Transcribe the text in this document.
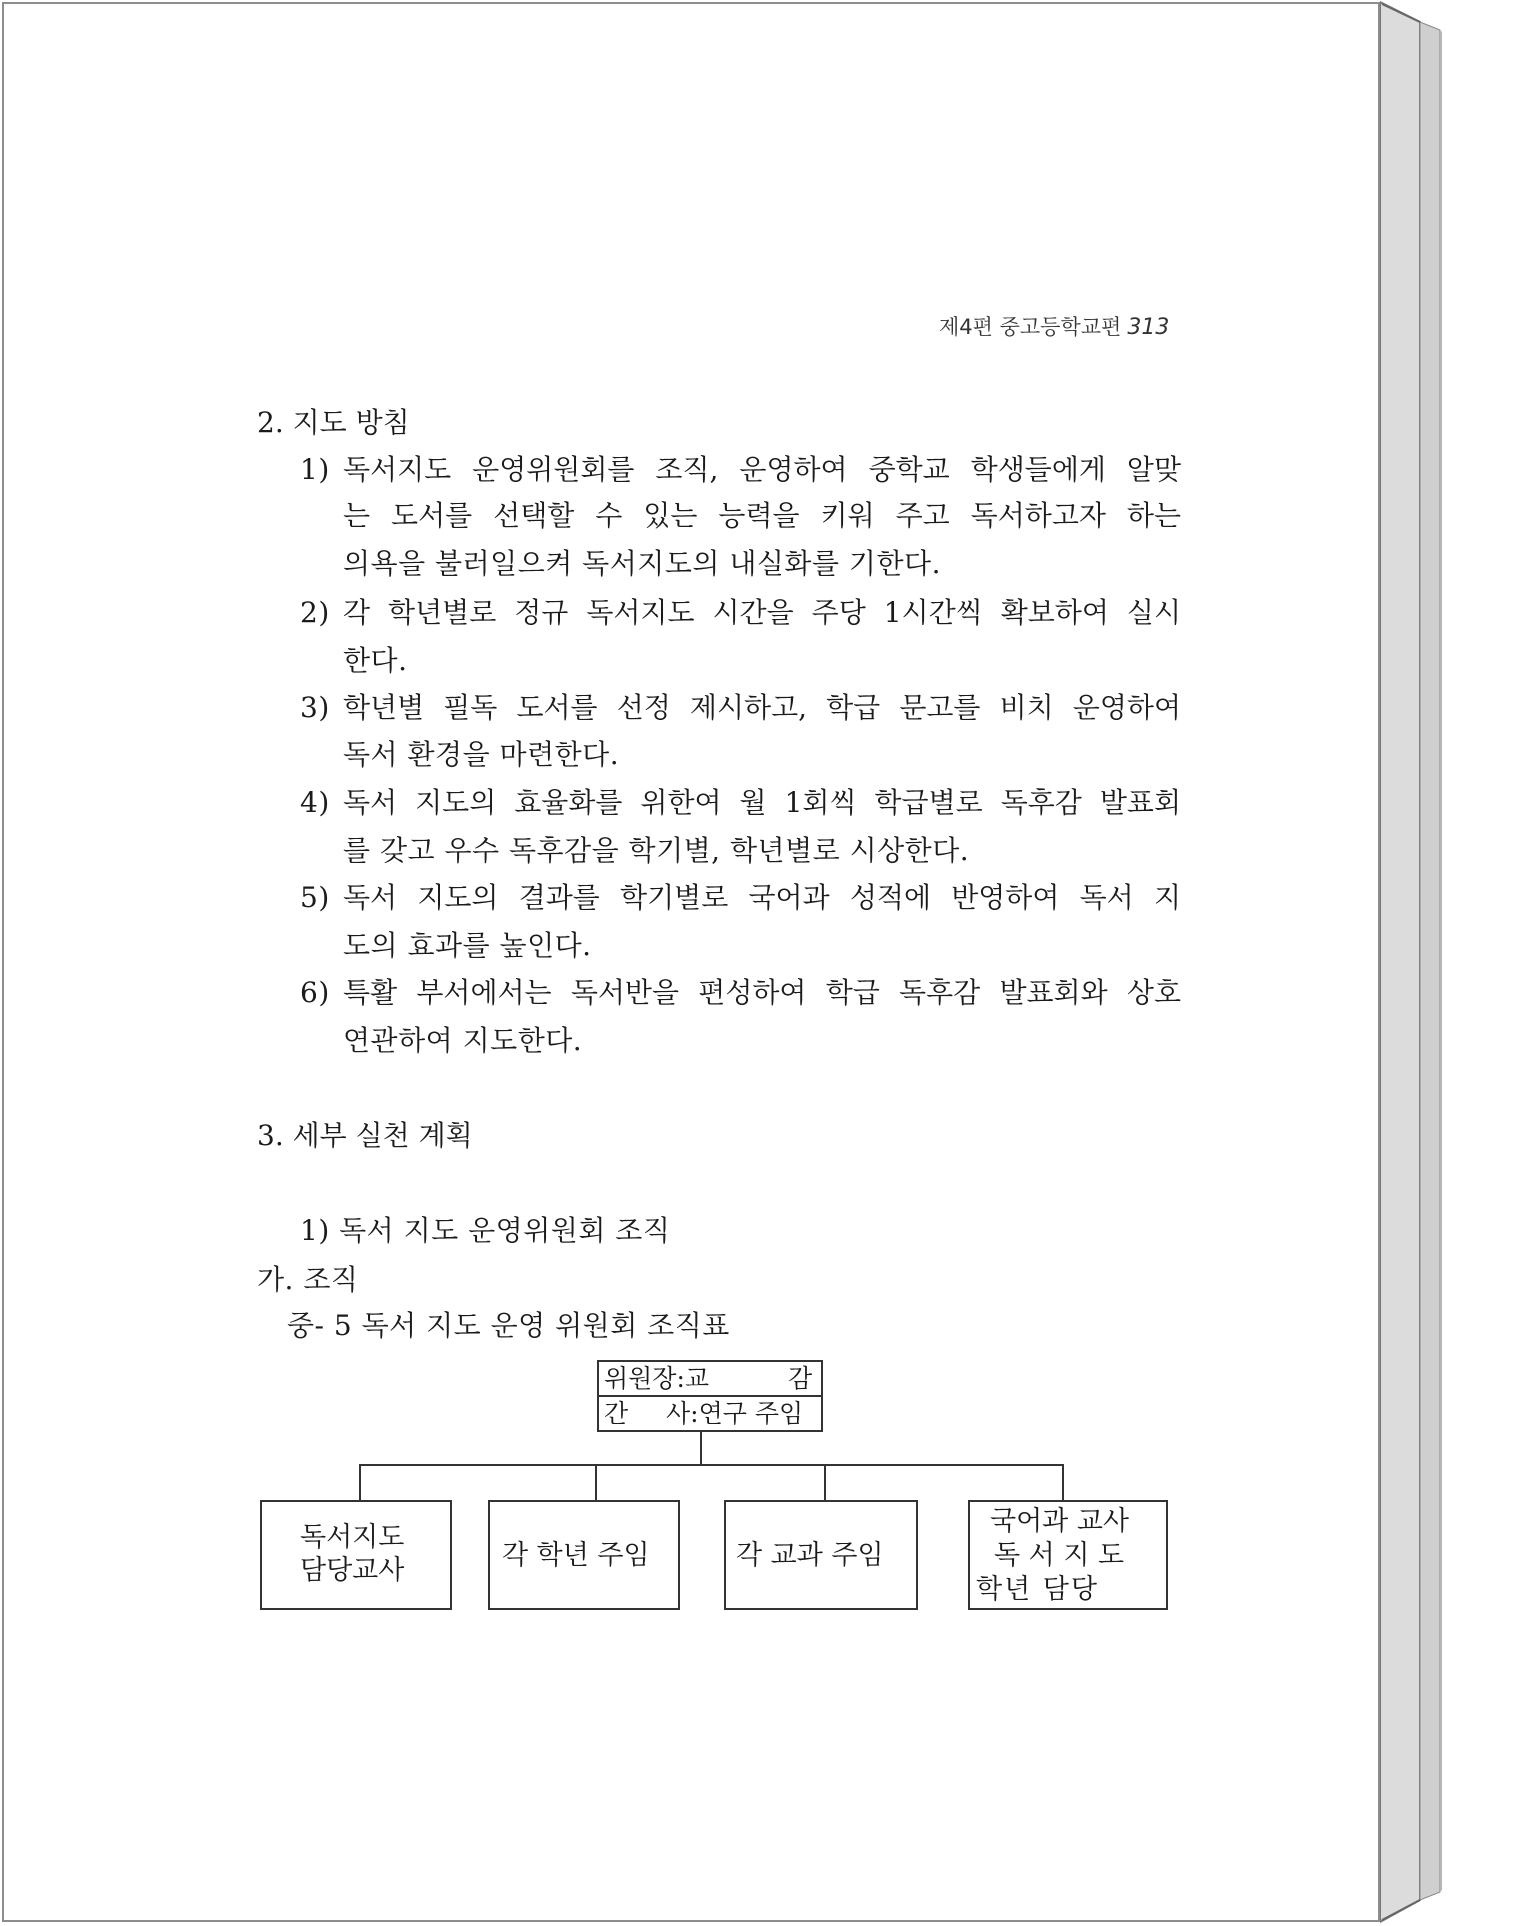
제4편 중고등학교편 313
2. 지도 방침
1) 독서지도 운영위원회를 조직, 운영하여 중학교 학생들에게 알맞
는 도서를 선택할 수 있는 능력을 키워 주고 독서하고자 하는
의욕을 불러일으켜 독서지도의 내실화를 기한다.
2) 각 학년별로 정규 독서지도 시간을 주당 1시간씩 확보하여 실시
한다.
3) 학년별 필독 도서를 선정 제시하고, 학급 문고를 비치 운영하여
독서 환경을 마련한다.
4) 독서 지도의 효율화를 위한여 월 1회씩 학급별로 독후감 발표회
를 갖고 우수 독후감을 학기별, 학년별로 시상한다.
5) 독서 지도의 결과를 학기별로 국어과 성적에 반영하여 독서 지
도의 효과를 높인다.
6) 특활 부서에서는 독서반을 편성하여 학급 독후감 발표회와 상호
연관하여 지도한다.
3. 세부 실천 계획
1) 독서 지도 운영위원회 조직
가. 조직
중- 5 독서 지도 운영 위원회 조직표
위원장:교	감
간 사:연구 주임
독서지도
담당교사	각 학년 주임	각 교과 주임
국어과 교사
독 서 지 도
학년 담당
